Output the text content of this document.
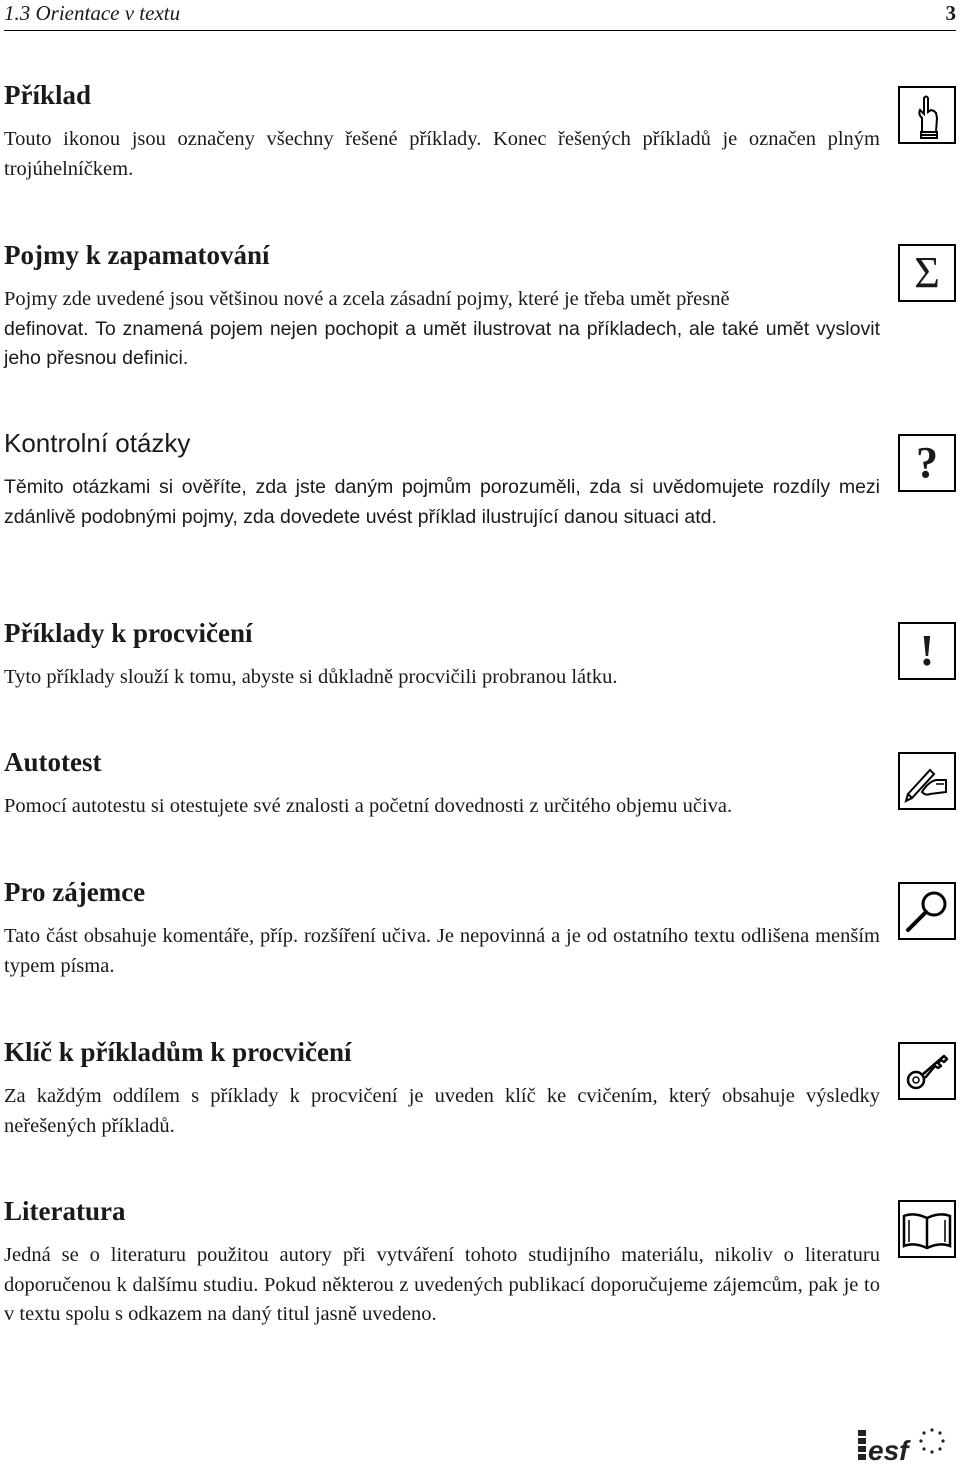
1.3 Orientace v textu	3
Příklad

Touto ikonou jsou označeny všechny řešené příklady. Konec řešených příkladů je označen plným trojúhelníčkem.

Pojmy k zapamatování

Pojmy zde uvedené jsou většinou nové a zcela zásadní pojmy, které je třeba umět přesně

definovat. To znamená pojem nejen pochopit a umět ilustrovat na příkladech, ale také umět vyslovit jeho přesnou definici.

Σ
Kontrolní otázky

Těmito otázkami si ověříte, zda jste daným pojmům porozuměli, zda si uvědomujete rozdíly mezi zdánlivě podobnými pojmy, zda dovedete uvést příklad ilustrující danou situaci atd.

?
Příklady k procvičení

Tyto příklady slouží k tomu, abyste si důkladně procvičili probranou látku.

!
Autotest

Pomocí autotestu si otestujete své znalosti a početní dovednosti z určitého objemu učiva.

Pro zájemce

Tato část obsahuje komentáře, příp. rozšíření učiva. Je nepovinná a je od ostatního textu odlišena menším typem písma.

Klíč k příkladům k procvičení

Za každým oddílem s příklady k procvičení je uveden klíč ke cvičením, který obsahuje výsledky neřešených příkladů.

Literatura

Jedná se o literaturu použitou autory při vytváření tohoto studijního materiálu, nikoliv o literaturu doporučenou k dalšímu studiu. Pokud některou z uvedených publikací doporučujeme zájemcům, pak je to v textu spolu s odkazem na daný titul jasně uvedeno.

esf
